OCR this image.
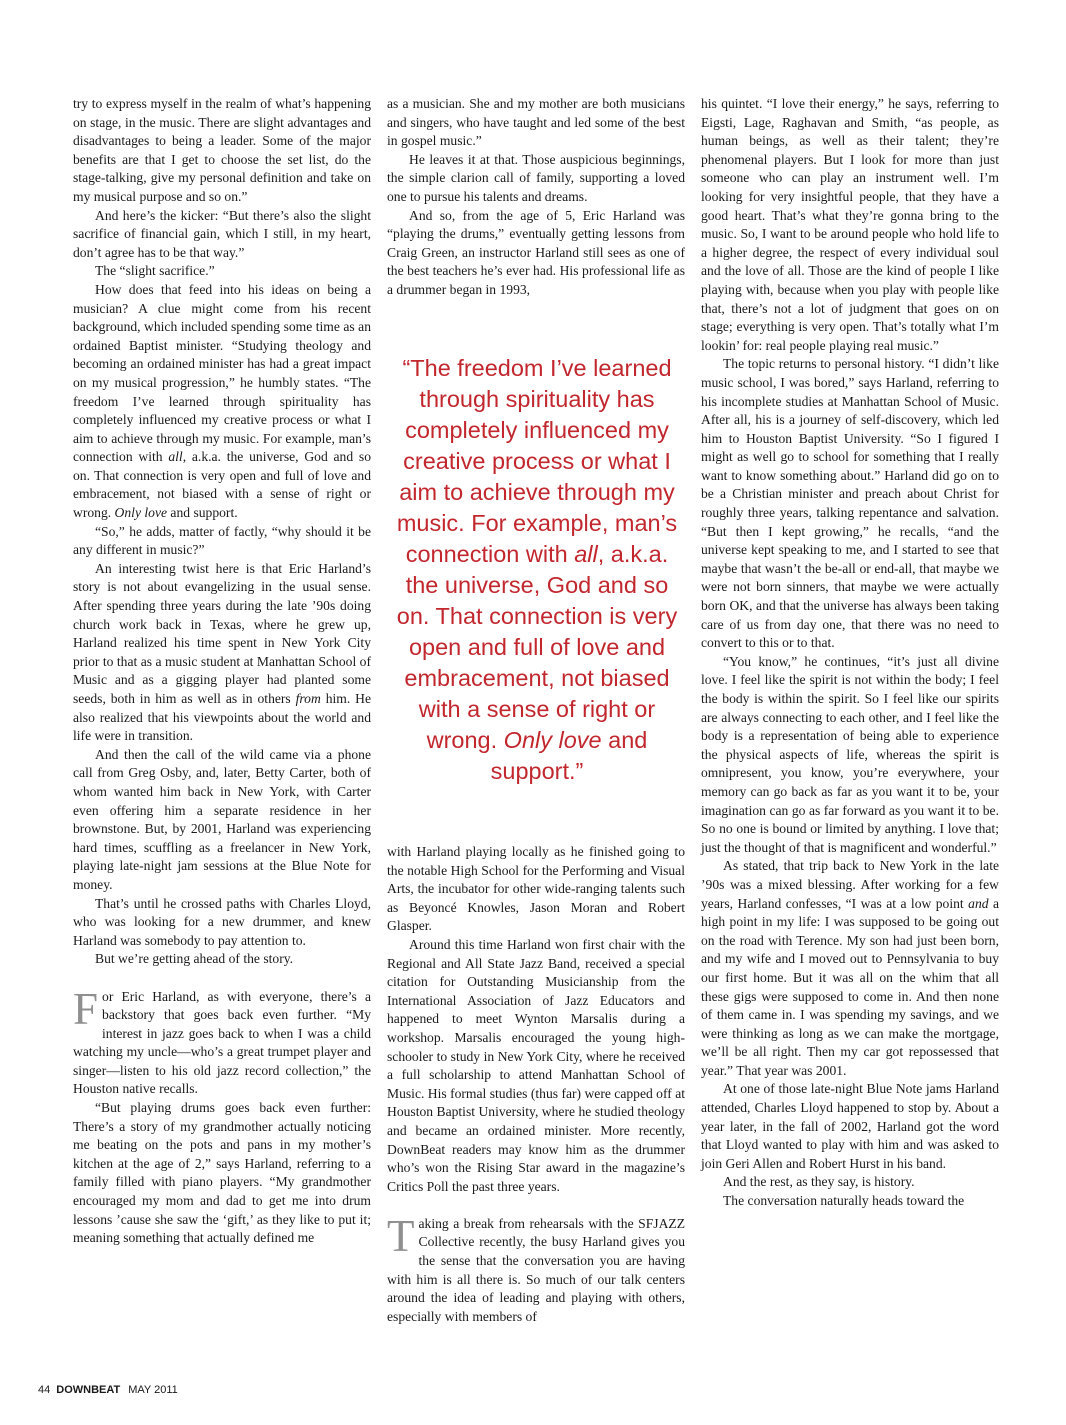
try to express myself in the realm of what’s happening on stage, in the music. There are slight advantages and disadvantages to being a leader. Some of the major benefits are that I get to choose the set list, do the stage-talking, give my personal definition and take on my musical purpose and so on.”

And here’s the kicker: “But there’s also the slight sacrifice of financial gain, which I still, in my heart, don’t agree has to be that way.”

The “slight sacrifice.”

How does that feed into his ideas on being a musician? A clue might come from his recent background, which included spending some time as an ordained Baptist minister. “Studying theology and becoming an ordained minister has had a great impact on my musical progression,” he humbly states. “The freedom I’ve learned through spirituality has completely influenced my creative process or what I aim to achieve through my music. For example, man’s connection with all, a.k.a. the universe, God and so on. That connection is very open and full of love and embracement, not biased with a sense of right or wrong. Only love and support.

“So,” he adds, matter of factly, “why should it be any different in music?”

An interesting twist here is that Eric Harland’s story is not about evangelizing in the usual sense. After spending three years during the late ’90s doing church work back in Texas, where he grew up, Harland realized his time spent in New York City prior to that as a music student at Manhattan School of Music and as a gigging player had planted some seeds, both in him as well as in others from him. He also realized that his viewpoints about the world and life were in transition.

And then the call of the wild came via a phone call from Greg Osby, and, later, Betty Carter, both of whom wanted him back in New York, with Carter even offering him a separate residence in her brownstone. But, by 2001, Harland was experiencing hard times, scuffling as a freelancer in New York, playing late-night jam sessions at the Blue Note for money.

That’s until he crossed paths with Charles Lloyd, who was looking for a new drummer, and knew Harland was somebody to pay attention to.

But we’re getting ahead of the story.

For Eric Harland, as with everyone, there’s a backstory that goes back even further. “My interest in jazz goes back to when I was a child watching my uncle—who’s a great trumpet player and singer—listen to his old jazz record collection,” the Houston native recalls.

“But playing drums goes back even further: There’s a story of my grandmother actually noticing me beating on the pots and pans in my mother’s kitchen at the age of 2,” says Harland, referring to a family filled with piano players. “My grandmother encouraged my mom and dad to get me into drum lessons ’cause she saw the ‘gift,’ as they like to put it; meaning something that actually defined me

as a musician. She and my mother are both musicians and singers, who have taught and led some of the best in gospel music.”

He leaves it at that. Those auspicious beginnings, the simple clarion call of family, supporting a loved one to pursue his talents and dreams.

And so, from the age of 5, Eric Harland was “playing the drums,” eventually getting lessons from Craig Green, an instructor Harland still sees as one of the best teachers he’s ever had. His professional life as a drummer began in 1993,

“The freedom I’ve learned through spirituality has completely influenced my creative process or what I aim to achieve through my music. For example, man’s connection with all, a.k.a. the universe, God and so on. That connection is very open and full of love and embracement, not biased with a sense of right or wrong. Only love and support.”

with Harland playing locally as he finished going to the notable High School for the Performing and Visual Arts, the incubator for other wide-ranging talents such as Beyoncé Knowles, Jason Moran and Robert Glasper.

Around this time Harland won first chair with the Regional and All State Jazz Band, received a special citation for Outstanding Musicianship from the International Association of Jazz Educators and happened to meet Wynton Marsalis during a workshop. Marsalis encouraged the young high-schooler to study in New York City, where he received a full scholarship to attend Manhattan School of Music. His formal studies (thus far) were capped off at Houston Baptist University, where he studied theology and became an ordained minister. More recently, DownBeat readers may know him as the drummer who’s won the Rising Star award in the magazine’s Critics Poll the past three years.

Taking a break from rehearsals with the SFJAZZ Collective recently, the busy Harland gives you the sense that the conversation you are having with him is all there is. So much of our talk centers around the idea of leading and playing with others, especially with members of

his quintet. “I love their energy,” he says, referring to Eigsti, Lage, Raghavan and Smith, “as people, as human beings, as well as their talent; they’re phenomenal players. But I look for more than just someone who can play an instrument well. I’m looking for very insightful people, that they have a good heart. That’s what they’re gonna bring to the music. So, I want to be around people who hold life to a higher degree, the respect of every individual soul and the love of all. Those are the kind of people I like playing with, because when you play with people like that, there’s not a lot of judgment that goes on on stage; everything is very open. That’s totally what I’m lookin’ for: real people playing real music.”

The topic returns to personal history. “I didn’t like music school, I was bored,” says Harland, referring to his incomplete studies at Manhattan School of Music. After all, his is a journey of self-discovery, which led him to Houston Baptist University. “So I figured I might as well go to school for something that I really want to know something about.” Harland did go on to be a Christian minister and preach about Christ for roughly three years, talking repentance and salvation. “But then I kept growing,” he recalls, “and the universe kept speaking to me, and I started to see that maybe that wasn’t the be-all or end-all, that maybe we were not born sinners, that maybe we were actually born OK, and that the universe has always been taking care of us from day one, that there was no need to convert to this or to that.

“You know,” he continues, “it’s just all divine love. I feel like the spirit is not within the body; I feel the body is within the spirit. So I feel like our spirits are always connecting to each other, and I feel like the body is a representation of being able to experience the physical aspects of life, whereas the spirit is omnipresent, you know, you’re everywhere, your memory can go back as far as you want it to be, your imagination can go as far forward as you want it to be. So no one is bound or limited by anything. I love that; just the thought of that is magnificent and wonderful.”

As stated, that trip back to New York in the late ’90s was a mixed blessing. After working for a few years, Harland confesses, “I was at a low point and a high point in my life: I was supposed to be going out on the road with Terence. My son had just been born, and my wife and I moved out to Pennsylvania to buy our first home. But it was all on the whim that all these gigs were supposed to come in. And then none of them came in. I was spending my savings, and we were thinking as long as we can make the mortgage, we’ll be all right. Then my car got repossessed that year.” That year was 2001.

At one of those late-night Blue Note jams Harland attended, Charles Lloyd happened to stop by. About a year later, in the fall of 2002, Harland got the word that Lloyd wanted to play with him and was asked to join Geri Allen and Robert Hurst in his band.

And the rest, as they say, is history.

The conversation naturally heads toward the

44 DOWNBEAT MAY 2011
